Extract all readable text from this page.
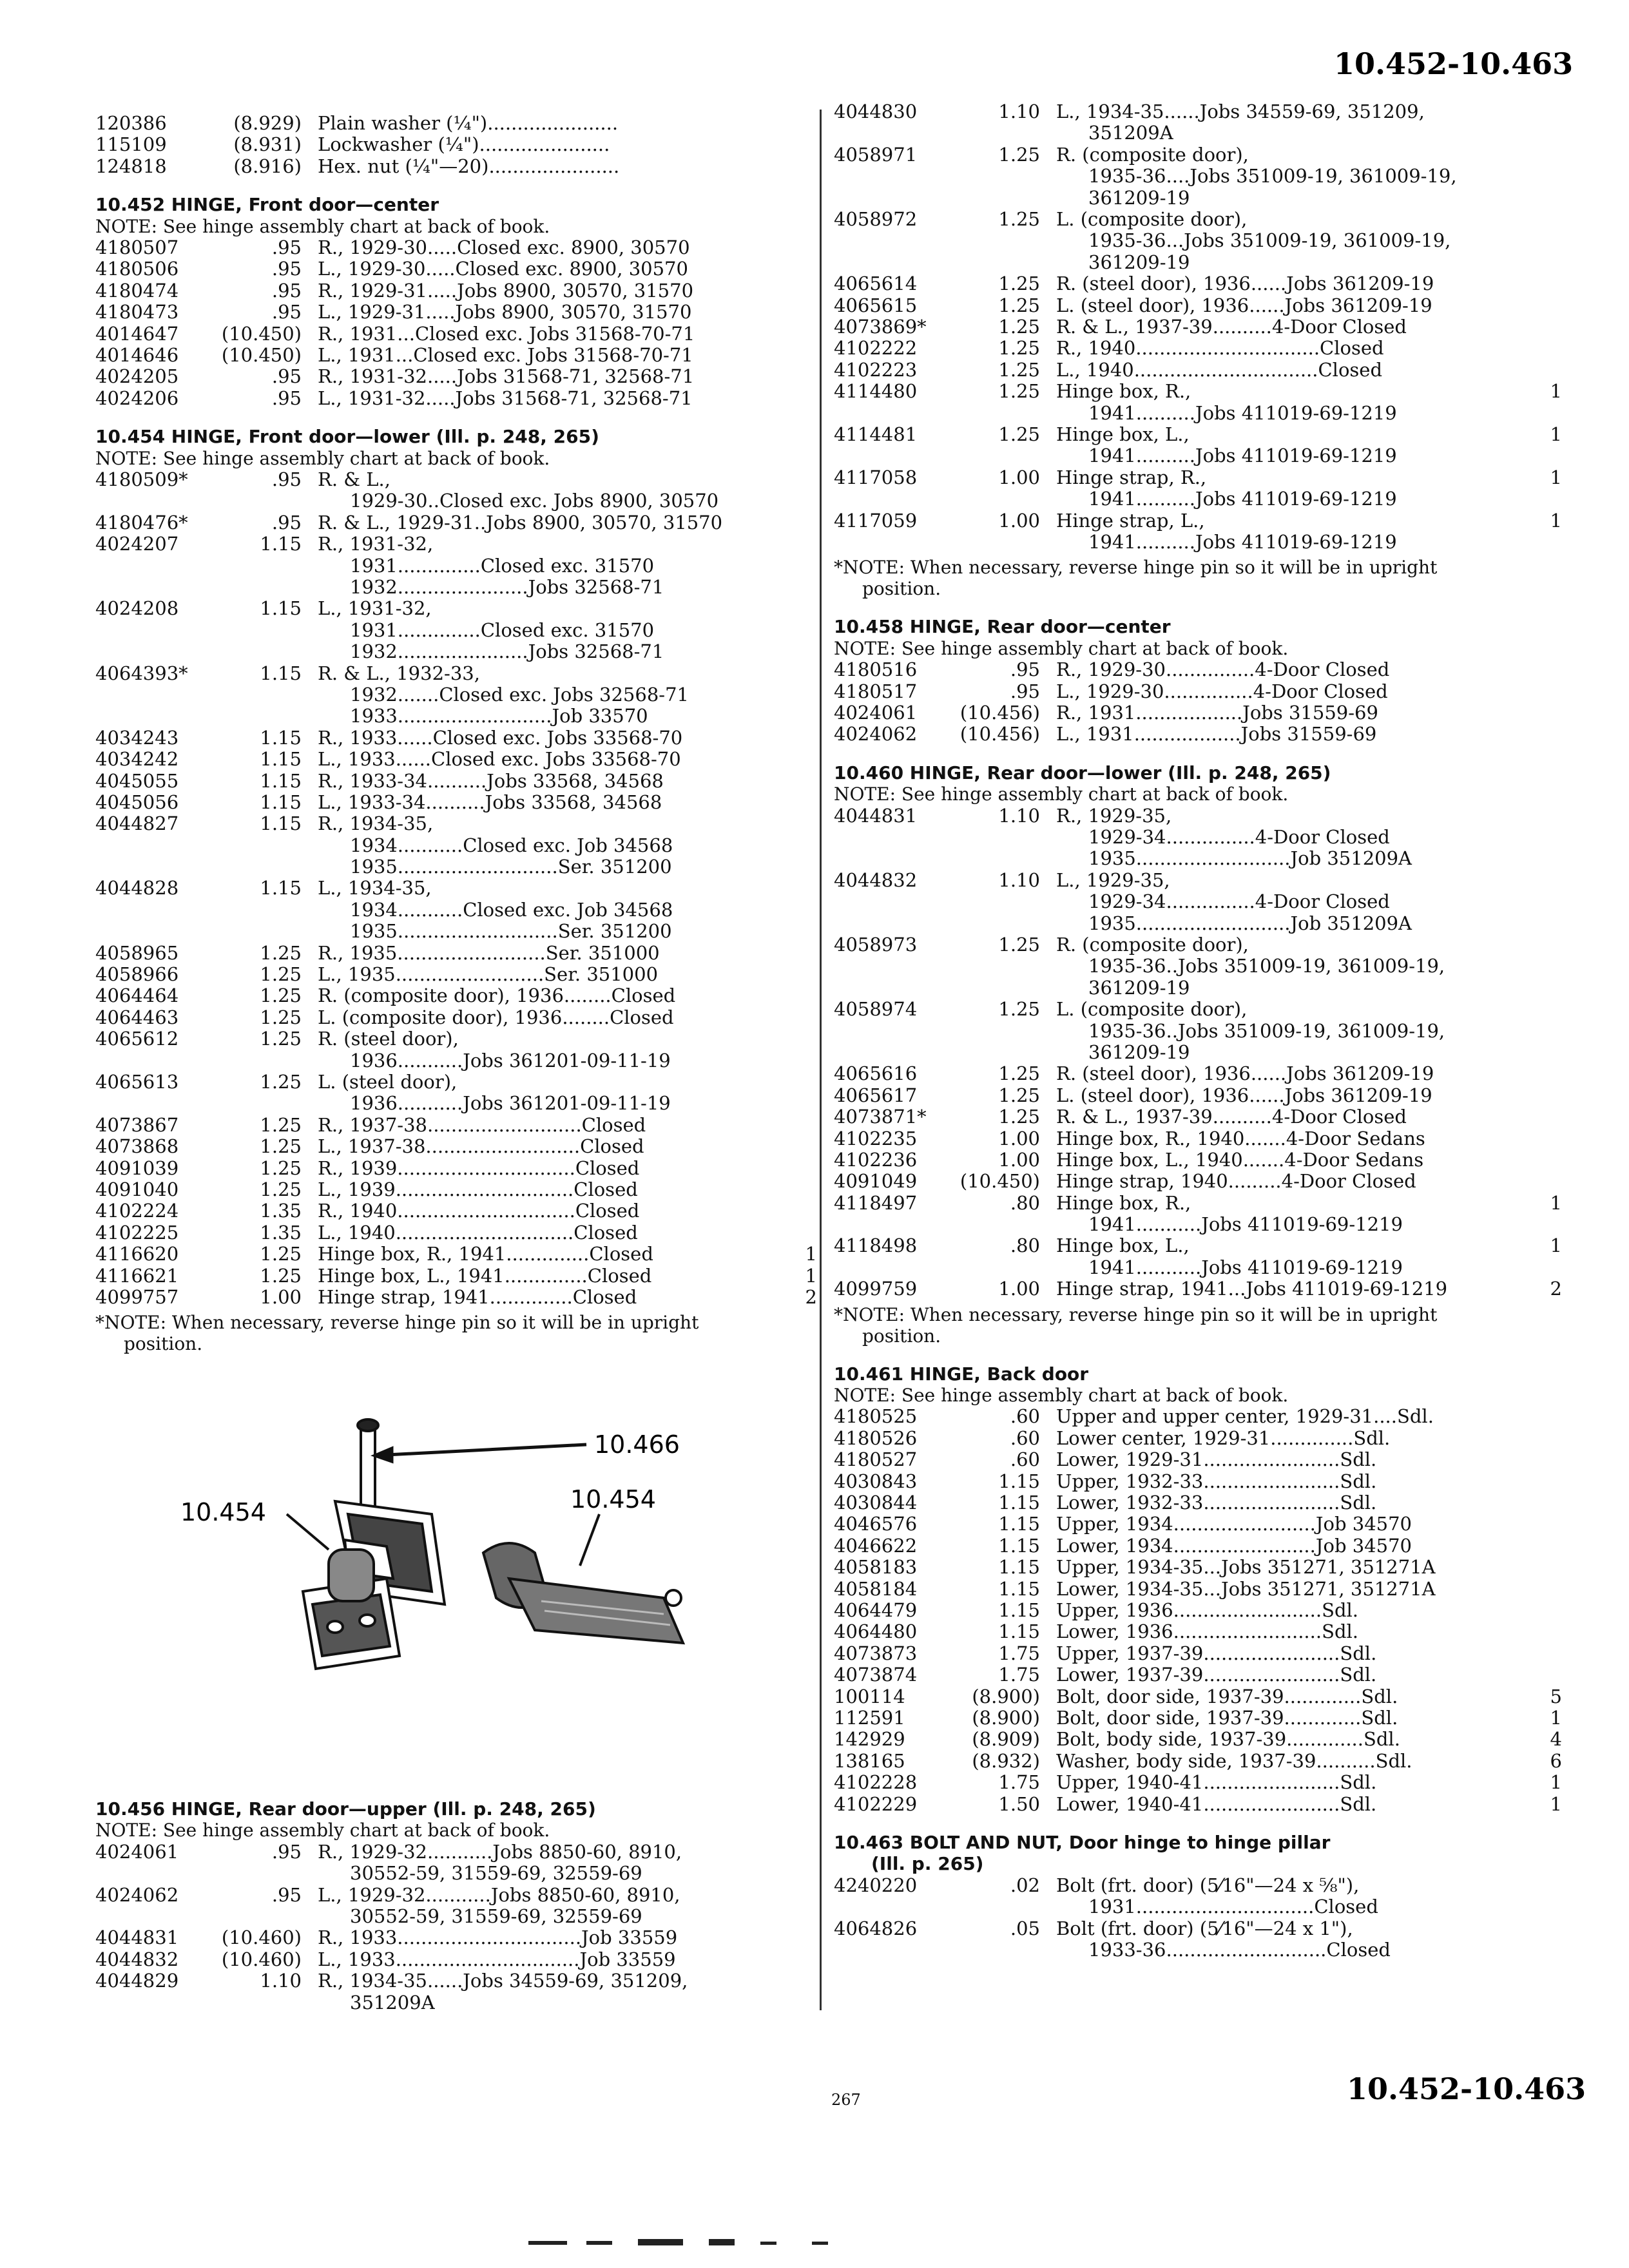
10.452-10.463
120386	(8.929) Plain washer (¼")......................
115109	(8.931) Lockwasher (¼")......................
124818	(8.916) Hex. nut (¼"—20)......................
10.452 HINGE, Front door—center
NOTE: See hinge assembly chart at back of book.
4180507	.95 R., 1929-30.....Closed exc. 8900, 30570
4180506	.95 L., 1929-30.....Closed exc. 8900, 30570
4180474	.95 R., 1929-31.....Jobs 8900, 30570, 31570
4180473	.95 L., 1929-31.....Jobs 8900, 30570, 31570
4014647	(10.450) R., 1931...Closed exc. Jobs 31568-70-71
4014646	(10.450) L., 1931...Closed exc. Jobs 31568-70-71
4024205	.95 R., 1931-32.....Jobs 31568-71, 32568-71
4024206	.95 L., 1931-32.....Jobs 31568-71, 32568-71
10.454 HINGE, Front door—lower (Ill. p. 248, 265)
NOTE: See hinge assembly chart at back of book.
4180509*	.95 R. & L.,
1929-30..Closed exc. Jobs 8900, 30570
4180476*	.95 R. & L., 1929-31..Jobs 8900, 30570, 31570
4024207	1.15 R., 1931-32,
1931..............Closed exc. 31570
1932......................Jobs 32568-71
4024208	1.15 L., 1931-32,
1931..............Closed exc. 31570
1932......................Jobs 32568-71
4064393*	1.15 R. & L., 1932-33,
1932.......Closed exc. Jobs 32568-71
1933..........................Job 33570
4034243	1.15 R., 1933......Closed exc. Jobs 33568-70
4034242	1.15 L., 1933......Closed exc. Jobs 33568-70
4045055	1.15 R., 1933-34..........Jobs 33568, 34568
4045056	1.15 L., 1933-34..........Jobs 33568, 34568
4044827	1.15 R., 1934-35,
1934...........Closed exc. Job 34568
1935...........................Ser. 351200
4044828	1.15 L., 1934-35,
1934...........Closed exc. Job 34568
1935...........................Ser. 351200
4058965	1.25 R., 1935.........................Ser. 351000
4058966	1.25 L., 1935.........................Ser. 351000
4064464	1.25 R. (composite door), 1936........Closed
4064463	1.25 L. (composite door), 1936........Closed
4065612	1.25 R. (steel door),
1936...........Jobs 361201-09-11-19
4065613	1.25 L. (steel door),
1936...........Jobs 361201-09-11-19
4073867	1.25 R., 1937-38..........................Closed
4073868	1.25 L., 1937-38..........................Closed
4091039	1.25 R., 1939..............................Closed
4091040	1.25 L., 1939..............................Closed
4102224	1.35 R., 1940..............................Closed
4102225	1.35 L., 1940..............................Closed
4116620	1.25 Hinge box, R., 1941..............Closed	1
4116621	1.25 Hinge box, L., 1941..............Closed	1
4099757	1.00 Hinge strap, 1941..............Closed	2
*NOTE: When necessary, reverse hinge pin so it will be in upright
position.
10.466
10.454	10.454
10.456 HINGE, Rear door—upper (Ill. p. 248, 265)
NOTE: See hinge assembly chart at back of book.
4024061	.95 R., 1929-32...........Jobs 8850-60, 8910,
30552-59, 31559-69, 32559-69
4024062	.95 L., 1929-32...........Jobs 8850-60, 8910,
30552-59, 31559-69, 32559-69
4044831	(10.460) R., 1933...............................Job 33559
4044832	(10.460) L., 1933...............................Job 33559
4044829	1.10 R., 1934-35......Jobs 34559-69, 351209,
351209A
4044830	1.10 L., 1934-35......Jobs 34559-69, 351209,
351209A
4058971	1.25 R. (composite door),
1935-36....Jobs 351009-19, 361009-19,
361209-19
4058972	1.25 L. (composite door),
1935-36...Jobs 351009-19, 361009-19,
361209-19
4065614	1.25 R. (steel door), 1936......Jobs 361209-19
4065615	1.25 L. (steel door), 1936......Jobs 361209-19
4073869*	1.25 R. & L., 1937-39..........4-Door Closed
4102222	1.25 R., 1940...............................Closed
4102223	1.25 L., 1940...............................Closed
4114480	1.25 Hinge box, R.,	1
1941..........Jobs 411019-69-1219
4114481	1.25 Hinge box, L.,	1
1941..........Jobs 411019-69-1219
4117058	1.00 Hinge strap, R.,	1
1941..........Jobs 411019-69-1219
4117059	1.00 Hinge strap, L.,	1
1941..........Jobs 411019-69-1219
*NOTE: When necessary, reverse hinge pin so it will be in upright
position.
10.458 HINGE, Rear door—center
NOTE: See hinge assembly chart at back of book.
4180516	.95 R., 1929-30...............4-Door Closed
4180517	.95 L., 1929-30...............4-Door Closed
4024061	(10.456) R., 1931..................Jobs 31559-69
4024062	(10.456) L., 1931..................Jobs 31559-69
10.460 HINGE, Rear door—lower (Ill. p. 248, 265)
NOTE: See hinge assembly chart at back of book.
4044831	1.10 R., 1929-35,
1929-34...............4-Door Closed
1935..........................Job 351209A
4044832	1.10 L., 1929-35,
1929-34...............4-Door Closed
1935..........................Job 351209A
4058973	1.25 R. (composite door),
1935-36..Jobs 351009-19, 361009-19,
361209-19
4058974	1.25 L. (composite door),
1935-36..Jobs 351009-19, 361009-19,
361209-19
4065616	1.25 R. (steel door), 1936......Jobs 361209-19
4065617	1.25 L. (steel door), 1936......Jobs 361209-19
4073871*	1.25 R. & L., 1937-39..........4-Door Closed
4102235	1.00 Hinge box, R., 1940.......4-Door Sedans
4102236	1.00 Hinge box, L., 1940.......4-Door Sedans
4091049	(10.450) Hinge strap, 1940.........4-Door Closed
4118497	.80 Hinge box, R.,	1
1941...........Jobs 411019-69-1219
4118498	.80 Hinge box, L.,	1
1941...........Jobs 411019-69-1219
4099759	1.00 Hinge strap, 1941...Jobs 411019-69-1219	2
*NOTE: When necessary, reverse hinge pin so it will be in upright
position.
10.461 HINGE, Back door
NOTE: See hinge assembly chart at back of book.
4180525	.60 Upper and upper center, 1929-31....Sdl.
4180526	.60 Lower center, 1929-31..............Sdl.
4180527	.60 Lower, 1929-31.......................Sdl.
4030843	1.15 Upper, 1932-33.......................Sdl.
4030844	1.15 Lower, 1932-33.......................Sdl.
4046576	1.15 Upper, 1934........................Job 34570
4046622	1.15 Lower, 1934........................Job 34570
4058183	1.15 Upper, 1934-35...Jobs 351271, 351271A
4058184	1.15 Lower, 1934-35...Jobs 351271, 351271A
4064479	1.15 Upper, 1936.........................Sdl.
4064480	1.15 Lower, 1936.........................Sdl.
4073873	1.75 Upper, 1937-39.......................Sdl.
4073874	1.75 Lower, 1937-39.......................Sdl.
100114	(8.900) Bolt, door side, 1937-39.............Sdl.	5
112591	(8.900) Bolt, door side, 1937-39.............Sdl.	1
142929	(8.909) Bolt, body side, 1937-39.............Sdl.	4
138165	(8.932) Washer, body side, 1937-39..........Sdl.	6
4102228	1.75 Upper, 1940-41.......................Sdl.	1
4102229	1.50 Lower, 1940-41.......................Sdl.	1
10.463 BOLT AND NUT, Door hinge to hinge pillar
(Ill. p. 265)
4240220	.02 Bolt (frt. door) (5⁄16"—24 x ⅝"),
1931..............................Closed
4064826	.05 Bolt (frt. door) (5⁄16"—24 x 1"),
1933-36...........................Closed
267	10.452-10.463
